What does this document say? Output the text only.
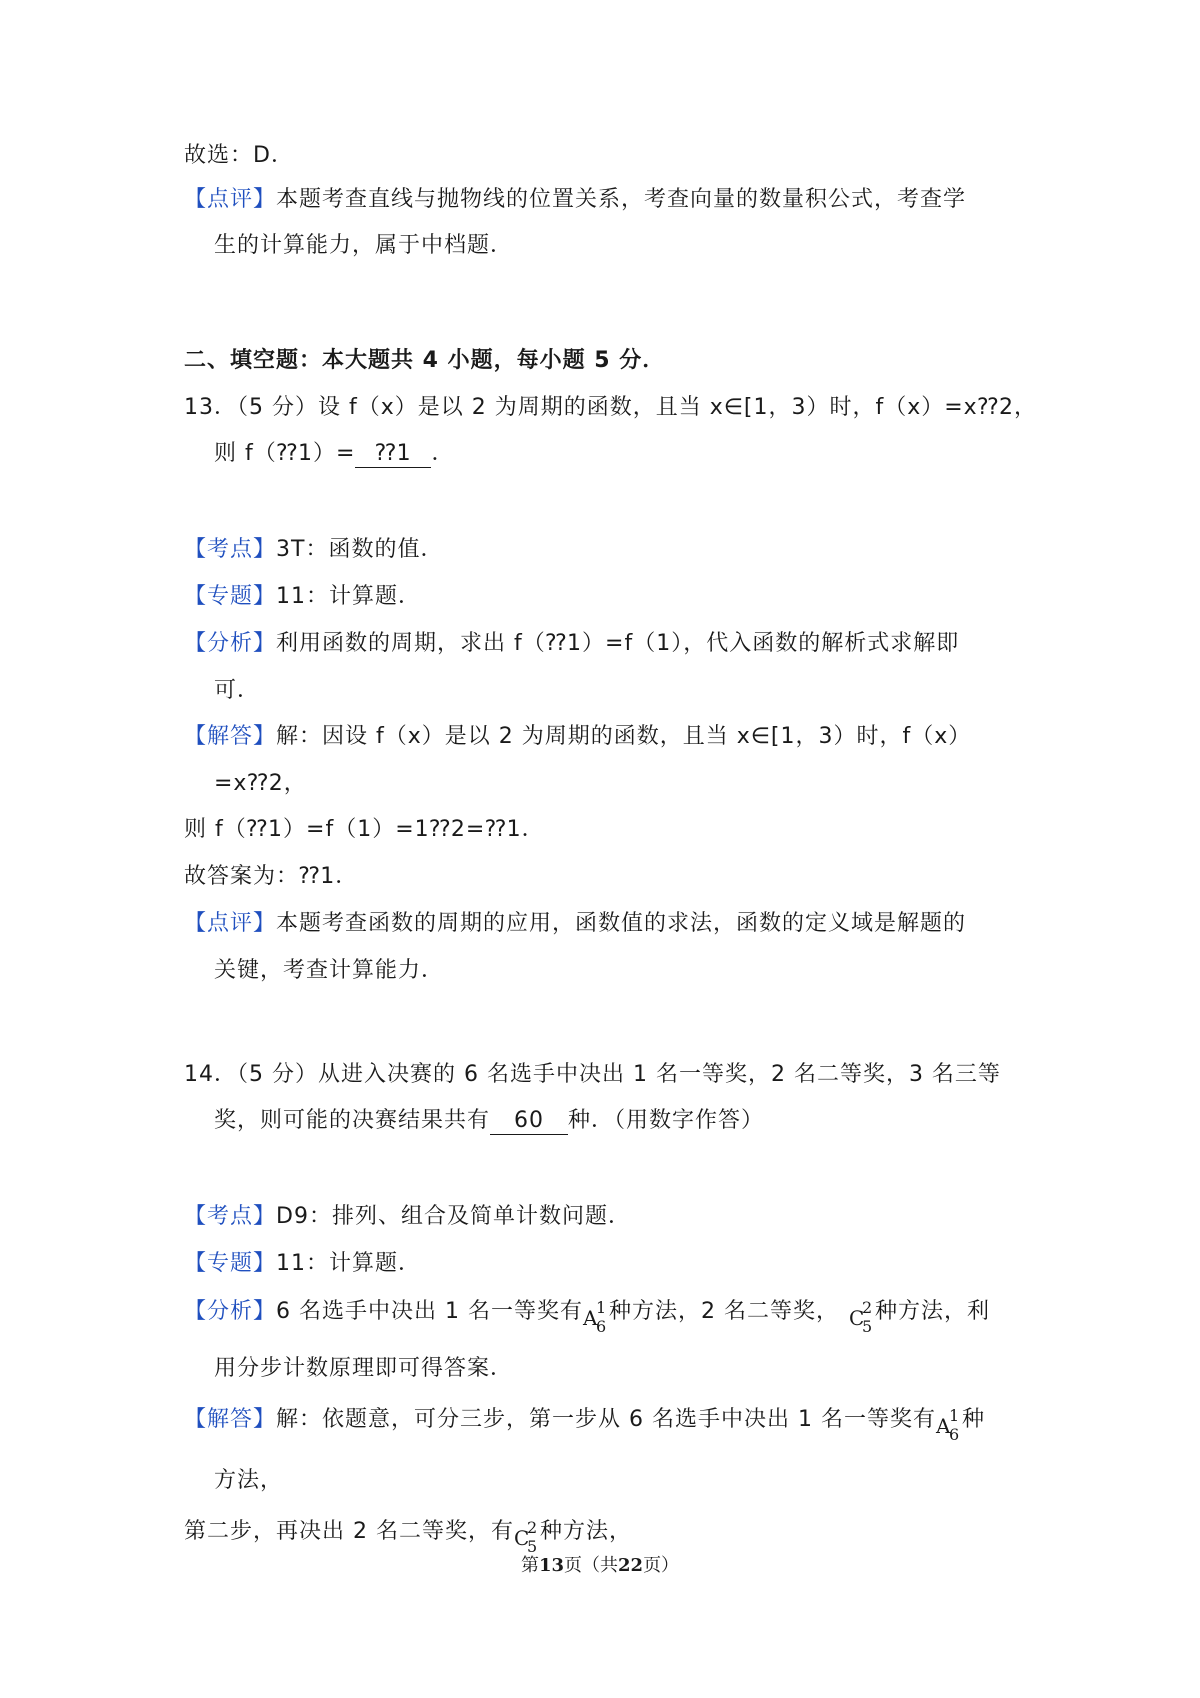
故选：D．
【点评】本题考查直线与抛物线的位置关系，考查向量的数量积公式，考查学
生的计算能力，属于中档题．
二、填空题：本大题共 4 小题，每小题 5 分．
13．（5 分）设 f（x）是以 2 为周期的函数，且当 x∈[1，3）时，f（x）=x⁇2，
则 f（⁇1）= ⁇1 ．
【考点】3T：函数的值．
【专题】11：计算题．
【分析】利用函数的周期，求出 f（⁇1）=f（1），代入函数的解析式求解即
可．
【解答】解：因设 f（x）是以 2 为周期的函数，且当 x∈[1，3）时，f（x）
=x⁇2，
则 f（⁇1）=f（1）=1⁇2=⁇1．
故答案为：⁇1．
【点评】本题考查函数的周期的应用，函数值的求法，函数的定义域是解题的
关键，考查计算能力．
14．（5 分）从进入决赛的 6 名选手中决出 1 名一等奖，2 名二等奖，3 名三等
奖，则可能的决赛结果共有 60 种．（用数字作答）
【考点】D9：排列、组合及简单计数问题．
【专题】11：计算题．
【分析】6 名选手中决出 1 名一等奖有 A
1
6
种方法，2 名二等奖， C
2
5
种方法，利
用分步计数原理即可得答案．
【解答】解：依题意，可分三步，第一步从 6 名选手中决出 1 名一等奖有 A
1
6
种
方法，
第二步，再决出 2 名二等奖，有 C
2
5
种方法，
第13页（共22页）
